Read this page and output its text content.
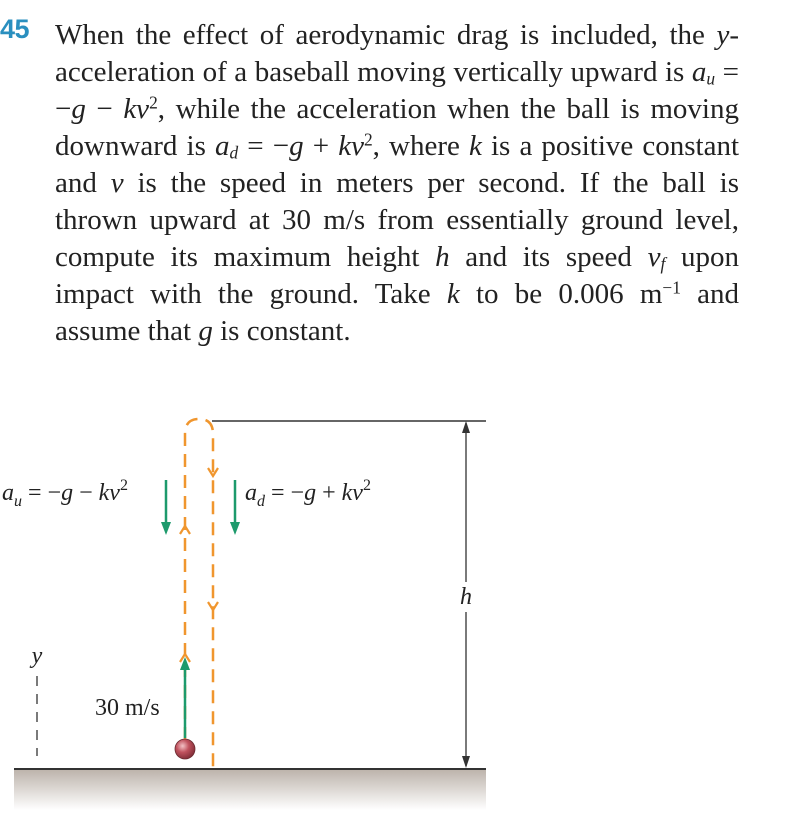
45 When the effect of aerodynamic drag is included, the y-acceleration of a baseball moving vertically upward is $a_u = -g - kv^2$, while the acceleration when the ball is moving downward is $a_d = -g + kv^2$, where k is a positive constant and v is the speed in meters per second. If the ball is thrown upward at 30 m/s from essentially ground level, compute its maximum height h and its speed $v_f$ upon impact with the ground. Take k to be 0.006 $m^{-1}$ and assume that g is constant.

h
y
$a_u = -g - kv^2$	$a_d = -g + kv^2$
30 m/s
